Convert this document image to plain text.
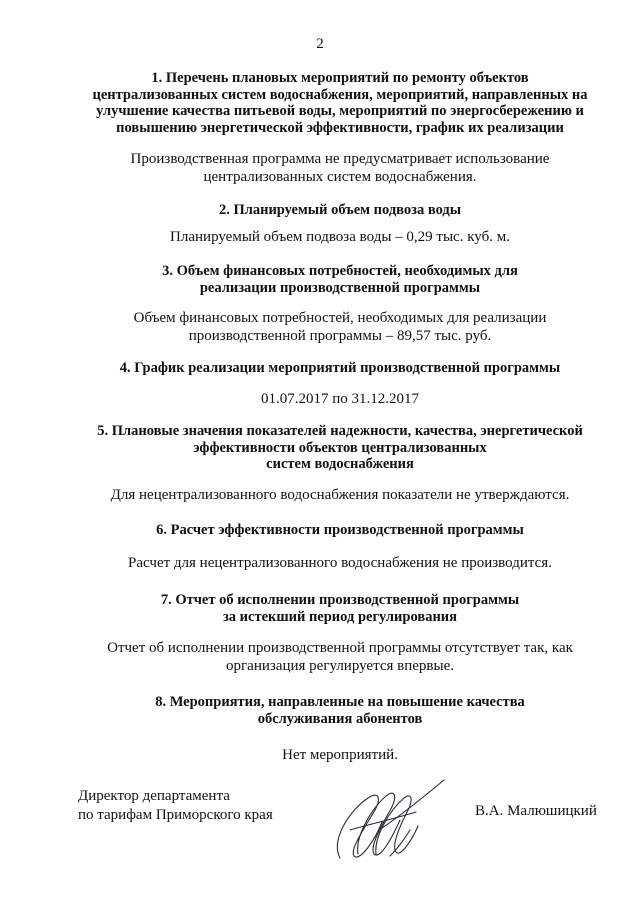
2
1. Перечень плановых мероприятий по ремонту объектов
централизованных систем водоснабжения, мероприятий, направленных на
улучшение качества питьевой воды, мероприятий по энергосбережению и
повышению энергетической эффективности, график их реализации
Производственная программа не предусматривает использование
централизованных систем водоснабжения.
2. Планируемый объем подвоза воды
Планируемый объем подвоза воды – 0,29 тыс. куб. м.
3. Объем финансовых потребностей, необходимых для
реализации производственной программы
Объем финансовых потребностей, необходимых для реализации
производственной программы – 89,57 тыс. руб.
4. График реализации мероприятий производственной программы
01.07.2017 по 31.12.2017
5. Плановые значения показателей надежности, качества, энергетической
эффективности объектов централизованных
систем водоснабжения
Для нецентрализованного водоснабжения показатели не утверждаются.
6. Расчет эффективности производственной программы
Расчет для нецентрализованного водоснабжения не производится.
7. Отчет об исполнении производственной программы
за истекший период регулирования
Отчет об исполнении производственной программы отсутствует так, как
организация регулируется впервые.
8. Мероприятия, направленные на повышение качества
обслуживания абонентов
Нет мероприятий.
Директор департамента
по тарифам Приморского края	В.А. Малюшицкий
